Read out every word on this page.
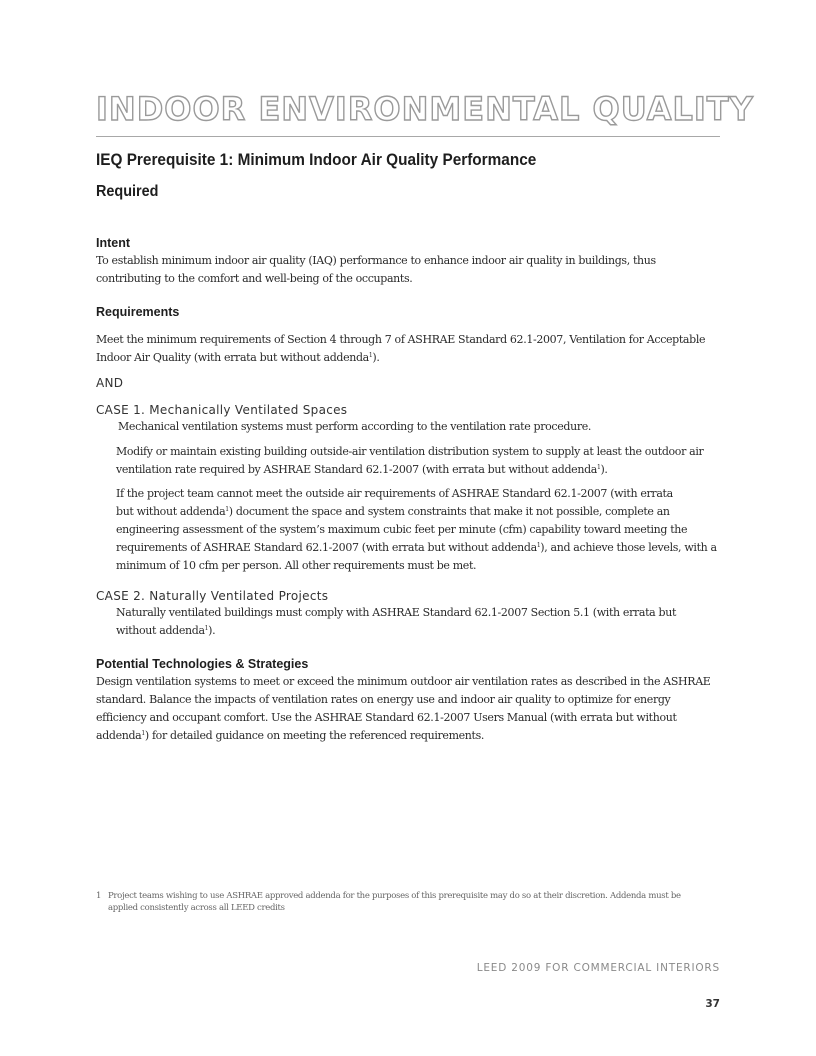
INDOOR ENVIRONMENTAL QUALITY
IEQ Prerequisite 1: Minimum Indoor Air Quality Performance
Required
Intent
To establish minimum indoor air quality (IAQ) performance to enhance indoor air quality in buildings, thus
contributing to the comfort and well-being of the occupants.
Requirements
Meet the minimum requirements of Section 4 through 7 of ASHRAE Standard 62.1-2007, Ventilation for Acceptable
Indoor Air Quality (with errata but without addenda$^1$).
AND
CASE 1. Mechanically Ventilated Spaces
Mechanical ventilation systems must perform according to the ventilation rate procedure.
Modify or maintain existing building outside-air ventilation distribution system to supply at least the outdoor air
ventilation rate required by ASHRAE Standard 62.1-2007 (with errata but without addenda$^1$).
If the project team cannot meet the outside air requirements of ASHRAE Standard 62.1-2007 (with errata
but without addenda$^1$) document the space and system constraints that make it not possible, complete an
engineering assessment of the system’s maximum cubic feet per minute (cfm) capability toward meeting the
requirements of ASHRAE Standard 62.1-2007 (with errata but without addenda$^1$), and achieve those levels, with a
minimum of 10 cfm per person. All other requirements must be met.
CASE 2. Naturally Ventilated Projects
Naturally ventilated buildings must comply with ASHRAE Standard 62.1-2007 Section 5.1 (with errata but
without addenda$^1$).
Potential Technologies & Strategies
Design ventilation systems to meet or exceed the minimum outdoor air ventilation rates as described in the ASHRAE
standard. Balance the impacts of ventilation rates on energy use and indoor air quality to optimize for energy
efficiency and occupant comfort. Use the ASHRAE Standard 62.1-2007 Users Manual (with errata but without
addenda$^1$) for detailed guidance on meeting the referenced requirements.
1 Project teams wishing to use ASHRAE approved addenda for the purposes of this prerequisite may do so at their discretion. Addenda must be
applied consistently across all LEED credits
LEED 2009 FOR COMMERCIAL INTERIORS
37
